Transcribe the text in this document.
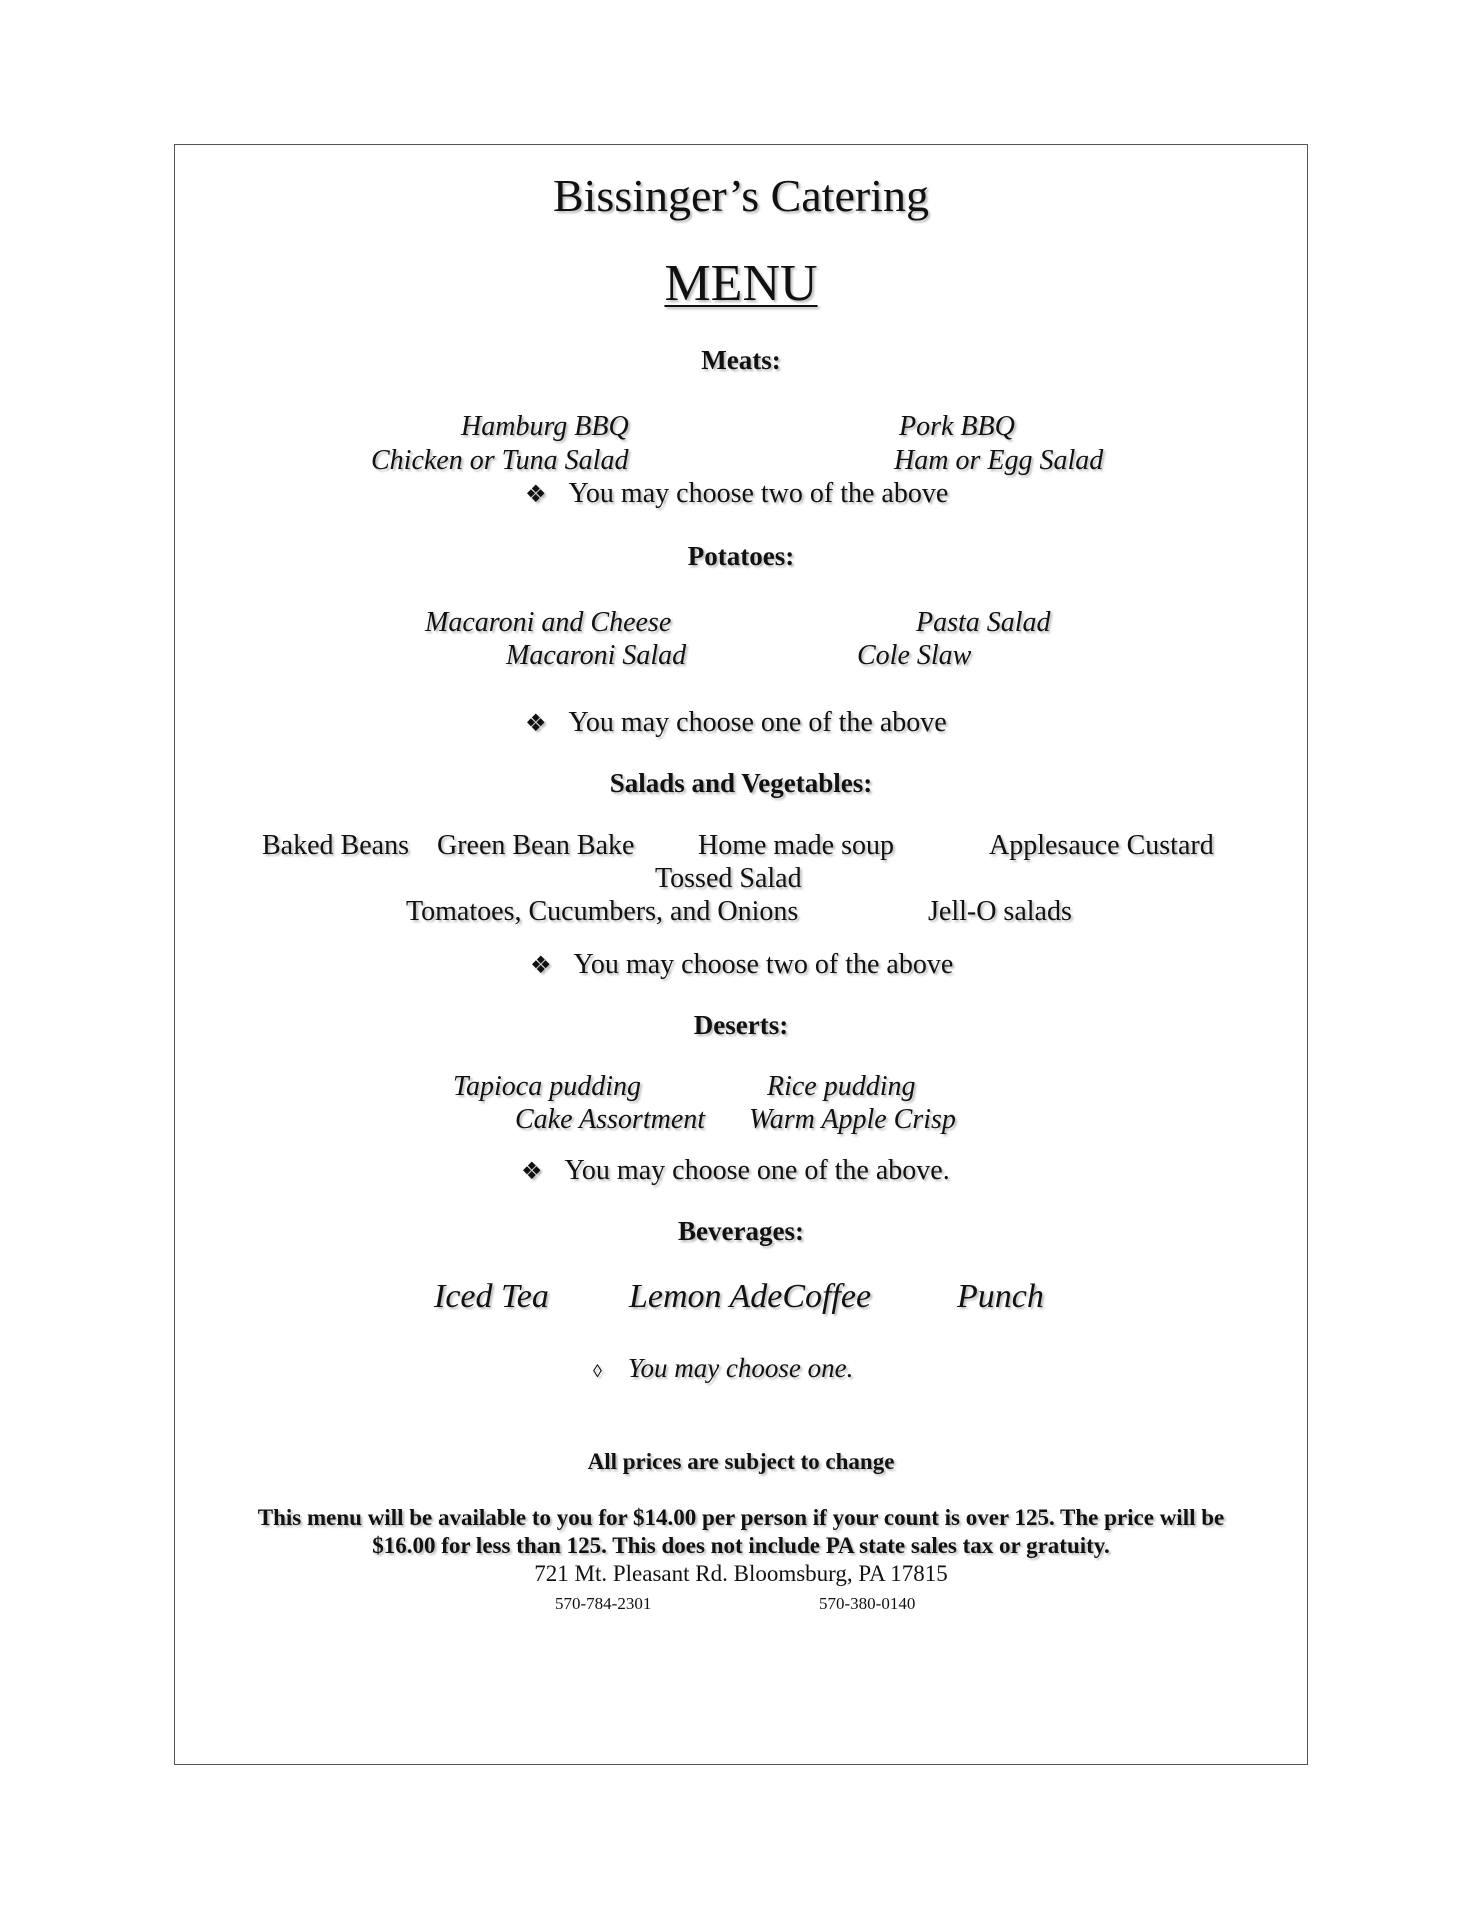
Bissinger’s Catering
MENU
Meats:
Hamburg BBQ	Pork BBQ
Chicken or Tuna Salad	Ham or Egg Salad
❖ You may choose two of the above
Potatoes:
Macaroni and Cheese	Pasta Salad
Macaroni Salad	Cole Slaw
❖ You may choose one of the above
Salads and Vegetables:
Baked Beans Green Bean Bake Home made soup	Applesauce Custard
Tossed Salad
Tomatoes, Cucumbers, and Onions	Jell-O salads
❖ You may choose two of the above
Deserts:
Tapioca pudding	Rice pudding
Cake Assortment Warm Apple Crisp
❖ You may choose one of the above.
Beverages:
Iced Tea Lemon AdeCoffee	Punch
◊ You may choose one.
All prices are subject to change
This menu will be available to you for $14.00 per person if your count is over 125. The price will be
$16.00 for less than 125. This does not include PA state sales tax or gratuity.
721 Mt. Pleasant Rd. Bloomsburg, PA 17815
570-784-2301	570-380-0140
